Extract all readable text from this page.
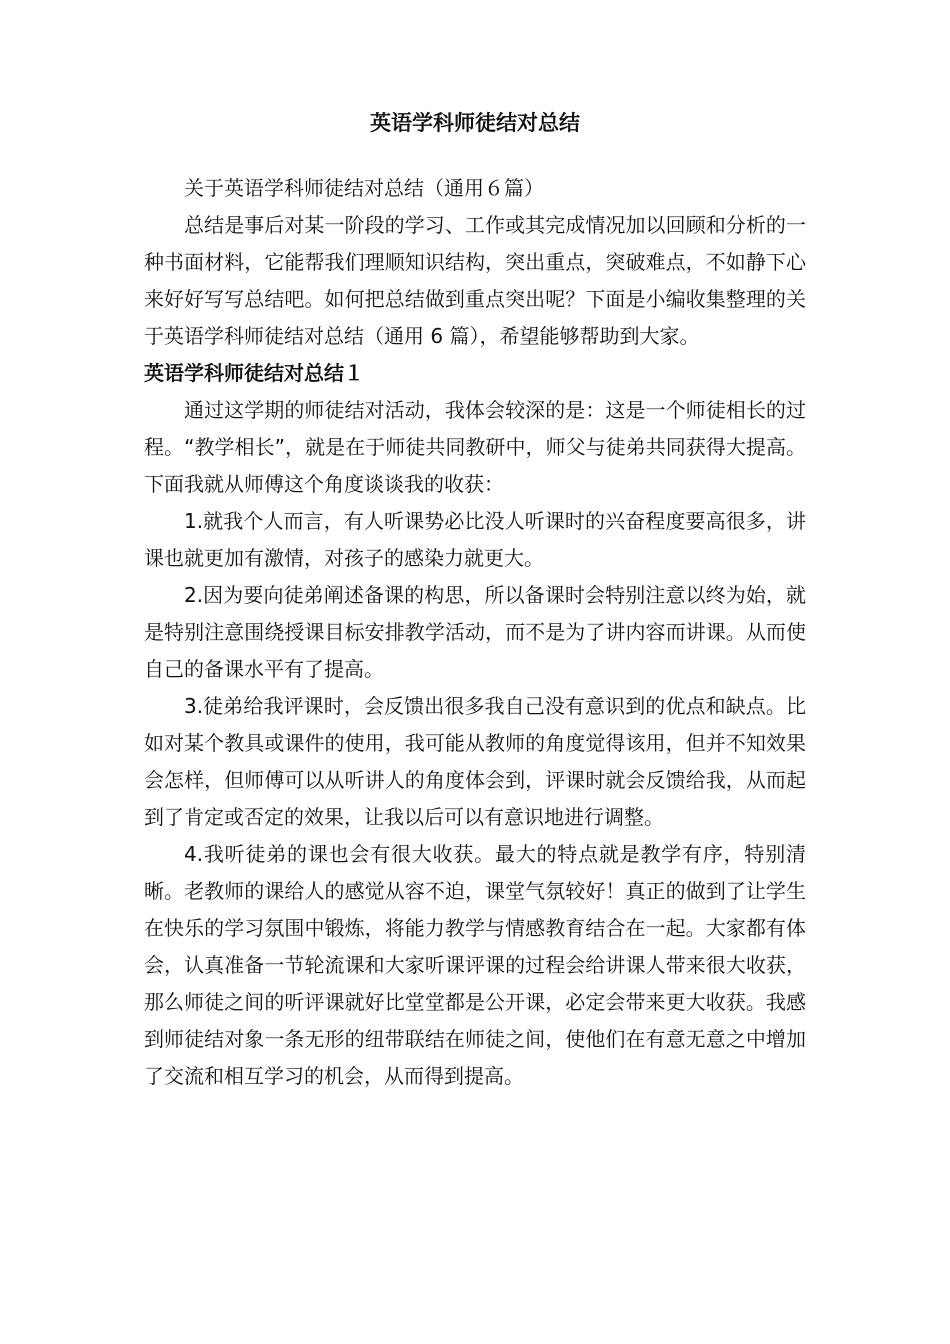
英语学科师徒结对总结

关于英语学科师徒结对总结（通用６篇）

总结是事后对某一阶段的学习、工作或其完成情况加以回顾和分析的一种书面材料，它能帮我们理顺知识结构，突出重点，突破难点，不如静下心来好好写写总结吧。如何把总结做到重点突出呢？下面是小编收集整理的关于英语学科师徒结对总结（通用 6 篇），希望能够帮助到大家。

英语学科师徒结对总结１

通过这学期的师徒结对活动，我体会较深的是：这是一个师徒相长的过程。“教学相长”，就是在于师徒共同教研中，师父与徒弟共同获得大提高。下面我就从师傅这个角度谈谈我的收获：

1.就我个人而言，有人听课势必比没人听课时的兴奋程度要高很多，讲课也就更加有激情，对孩子的感染力就更大。

2.因为要向徒弟阐述备课的构思，所以备课时会特别注意以终为始，就是特别注意围绕授课目标安排教学活动，而不是为了讲内容而讲课。从而使自己的备课水平有了提高。

3.徒弟给我评课时，会反馈出很多我自己没有意识到的优点和缺点。比如对某个教具或课件的使用，我可能从教师的角度觉得该用，但并不知效果会怎样，但师傅可以从听讲人的角度体会到，评课时就会反馈给我，从而起到了肯定或否定的效果，让我以后可以有意识地进行调整。

4.我听徒弟的课也会有很大收获。最大的特点就是教学有序，特别清晰。老教师的课给人的感觉从容不迫，课堂气氛较好！真正的做到了让学生在快乐的学习氛围中锻炼，将能力教学与情感教育结合在一起。大家都有体会，认真准备一节轮流课和大家听课评课的过程会给讲课人带来很大收获，那么师徒之间的听评课就好比堂堂都是公开课，必定会带来更大收获。我感到师徒结对象一条无形的纽带联结在师徒之间，使他们在有意无意之中增加了交流和相互学习的机会，从而得到提高。
